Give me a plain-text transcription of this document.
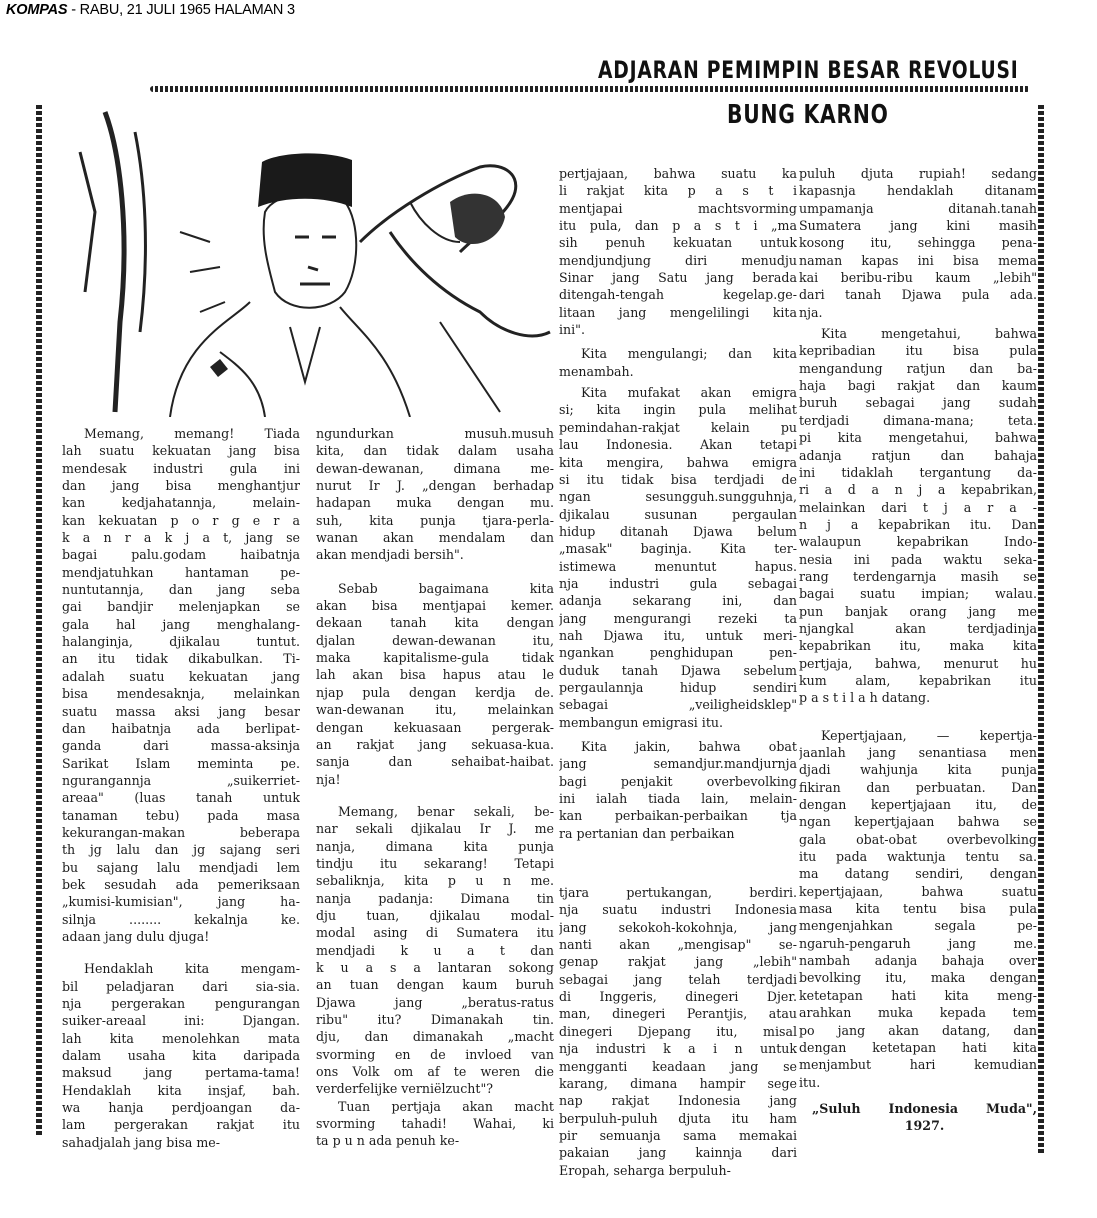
KOMPAS - RABU, 21 JULI 1965 HALAMAN 3
ADJARAN PEMIMPIN BESAR REVOLUSI
BUNG KARNO
Memang, memang! Tiada
lah suatu kekuatan jang bisa
mendesak industri gula ini
dan jang bisa menghantjur
kan kedjahatannja, melain-
kan kekuatan p o r g e r a
k a n r a k j a t, jang se
bagai palu.godam haibatnja
mendjatuhkan hantaman pe-
nuntutannja, dan jang seba
gai bandjir melenjapkan se
gala hal jang menghalang-
halanginja, djikalau tuntut.
an itu tidak dikabulkan. Ti-
adalah suatu kekuatan jang
bisa mendesaknja, melainkan
suatu massa aksi jang besar
dan haibatnja ada berlipat-
ganda dari massa-aksinja
Sarikat Islam meminta pe.
ngurangannja „suikerriet-
areaa" (luas tanah untuk
tanaman tebu) pada masa
kekurangan-makan beberapa
th jg lalu dan jg sajang seri
bu sajang lalu mendjadi lem
bek sesudah ada pemeriksaan
„kumisi-kumisian", jang ha-
silnja ........ kekalnja ke.
adaan jang dulu djuga!
Hendaklah kita mengam-
bil peladjaran dari sia-sia.
nja pergerakan pengurangan
suiker-areaal ini: Djangan.
lah kita menolehkan mata
dalam usaha kita daripada
maksud jang pertama-tama!
Hendaklah kita insjaf, bah.
wa hanja perdjoangan da-
lam pergerakan rakjat itu
sahadjalah jang bisa me-
ngundurkan musuh.musuh
kita, dan tidak dalam usaha
dewan-dewanan, dimana me-
nurut Ir J. „dengan berhadap
hadapan muka dengan mu.
suh, kita punja tjara-perla-
wanan akan mendalam dan
akan mendjadi bersih".
Sebab bagaimana kita
akan bisa mentjapai kemer.
dekaan tanah kita dengan
djalan dewan-dewanan itu,
maka kapitalisme-gula tidak
lah akan bisa hapus atau le
njap pula dengan kerdja de.
wan-dewanan itu, melainkan
dengan kekuasaan pergerak-
an rakjat jang sekuasa-kua.
sanja dan sehaibat-haibat.
nja!
Memang, benar sekali, be-
nar sekali djikalau Ir J. me
nanja, dimana kita punja
tindju itu sekarang! Tetapi
sebaliknja, kita p u n me.
nanja padanja: Dimana tin
dju tuan, djikalau modal-
modal asing di Sumatera itu
mendjadi k u a t dan
k u a s a lantaran sokong
an tuan dengan kaum buruh
Djawa jang „beratus-ratus
ribu" itu? Dimanakah tin.
dju, dan dimanakah „macht
svorming en de invloed van
ons Volk om af te weren die
verderfelijke verniëlzucht"?
Tuan pertjaja akan macht
svorming tahadi! Wahai, ki
ta p u n ada penuh ke-
pertjajaan, bahwa suatu ka
li rakjat kita p a s t i
mentjapai machtsvorming
itu pula, dan p a s t i „ma
sih penuh kekuatan untuk
mendjundjung diri menudju
Sinar jang Satu jang berada
ditengah-tengah kegelap.ge-
litaan jang mengelilingi kita
ini".
Kita mengulangi; dan kita
menambah.
Kita mufakat akan emigra
si; kita ingin pula melihat
pemindahan-rakjat kelain pu
lau Indonesia. Akan tetapi
kita mengira, bahwa emigra
si itu tidak bisa terdjadi de
ngan sesungguh.sungguhnja,
djikalau susunan pergaulan
hidup ditanah Djawa belum
„masak" baginja. Kita ter-
istimewa menuntut hapus.
nja industri gula sebagai
adanja sekarang ini, dan
jang mengurangi rezeki ta
nah Djawa itu, untuk meri-
ngankan penghidupan pen-
duduk tanah Djawa sebelum
pergaulannja hidup sendiri
sebagai „veiligheidsklep"
membangun emigrasi itu.
Kita jakin, bahwa obat
jang semandjur.mandjurnja
bagi penjakit overbevolking
ini ialah tiada lain, melain-
kan perbaikan-perbaikan tja
ra pertanian dan perbaikan
tjara pertukangan, berdiri.
nja suatu industri Indonesia
jang sekokoh-kokohnja, jang
nanti akan „mengisap" se-
genap rakjat jang „lebih"
sebagai jang telah terdjadi
di Inggeris, dinegeri Djer.
man, dinegeri Perantjis, atau
dinegeri Djepang itu, misal
nja industri k a i n untuk
mengganti keadaan jang se
karang, dimana hampir sege
nap rakjat Indonesia jang
berpuluh-puluh djuta itu ham
pir semuanja sama memakai
pakaian jang kainnja dari
Eropah, seharga berpuluh-
puluh djuta rupiah! sedang
kapasnja hendaklah ditanam
umpamanja ditanah.tanah
Sumatera jang kini masih
kosong itu, sehingga pena-
naman kapas ini bisa mema
kai beribu-ribu kaum „lebih"
dari tanah Djawa pula ada.
nja.
Kita mengetahui, bahwa
kepribadian itu bisa pula
mengandung ratjun dan ba-
haja bagi rakjat dan kaum
buruh sebagai jang sudah
terdjadi dimana-mana; teta.
pi kita mengetahui, bahwa
adanja ratjun dan bahaja
ini tidaklah tergantung da-
ri a d a n j a kepabrikan,
melainkan dari t j a r a -
n j a kepabrikan itu. Dan
walaupun kepabrikan Indo-
nesia ini pada waktu seka-
rang terdengarnja masih se
bagai suatu impian; walau.
pun banjak orang jang me
njangkal akan terdjadinja
kepabrikan itu, maka kita
pertjaja, bahwa, menurut hu
kum alam, kepabrikan itu
p a s t i l a h datang.
Kepertjajaan, — kepertja-
jaanlah jang senantiasa men
djadi wahjunja kita punja
fikiran dan perbuatan. Dan
dengan kepertjajaan itu, de
ngan kepertjajaan bahwa se
gala obat-obat overbevolking
itu pada waktunja tentu sa.
ma datang sendiri, dengan
kepertjajaan, bahwa suatu
masa kita tentu bisa pula
mengenjahkan segala pe-
ngaruh-pengaruh jang me.
nambah adanja bahaja over
bevolking itu, maka dengan
ketetapan hati kita meng-
arahkan muka kepada tem
po jang akan datang, dan
dengan ketetapan hati kita
menjambut hari kemudian
itu.
„Suluh Indonesia Muda",
1927.
